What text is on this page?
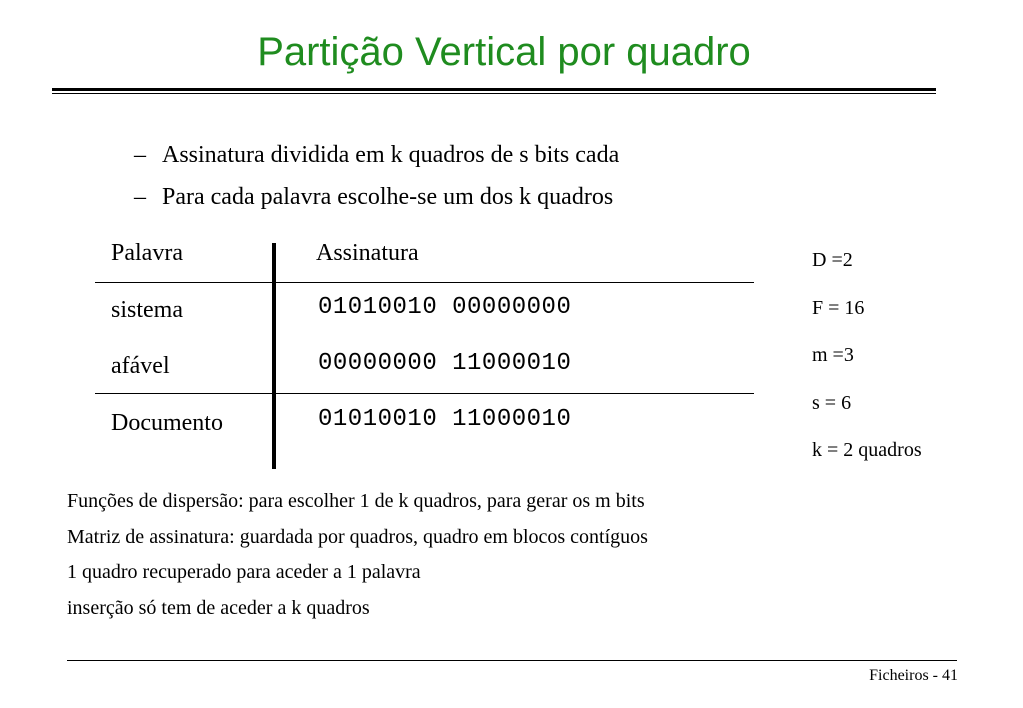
Partição Vertical por quadro
– Assinatura dividida em k quadros de s bits cada
– Para cada palavra escolhe-se um dos k quadros
Palavra	Assinatura
sistema	01010010 00000000
afável	00000000 11000010
Documento	01010010 11000010
D =2
F = 16
m =3
s = 6
k = 2 quadros
Funções de dispersão: para escolher 1 de k quadros, para gerar os m bits
Matriz de assinatura: guardada por quadros, quadro em blocos contíguos
1 quadro recuperado para aceder a 1 palavra
inserção só tem de aceder a k quadros
Ficheiros - 41
